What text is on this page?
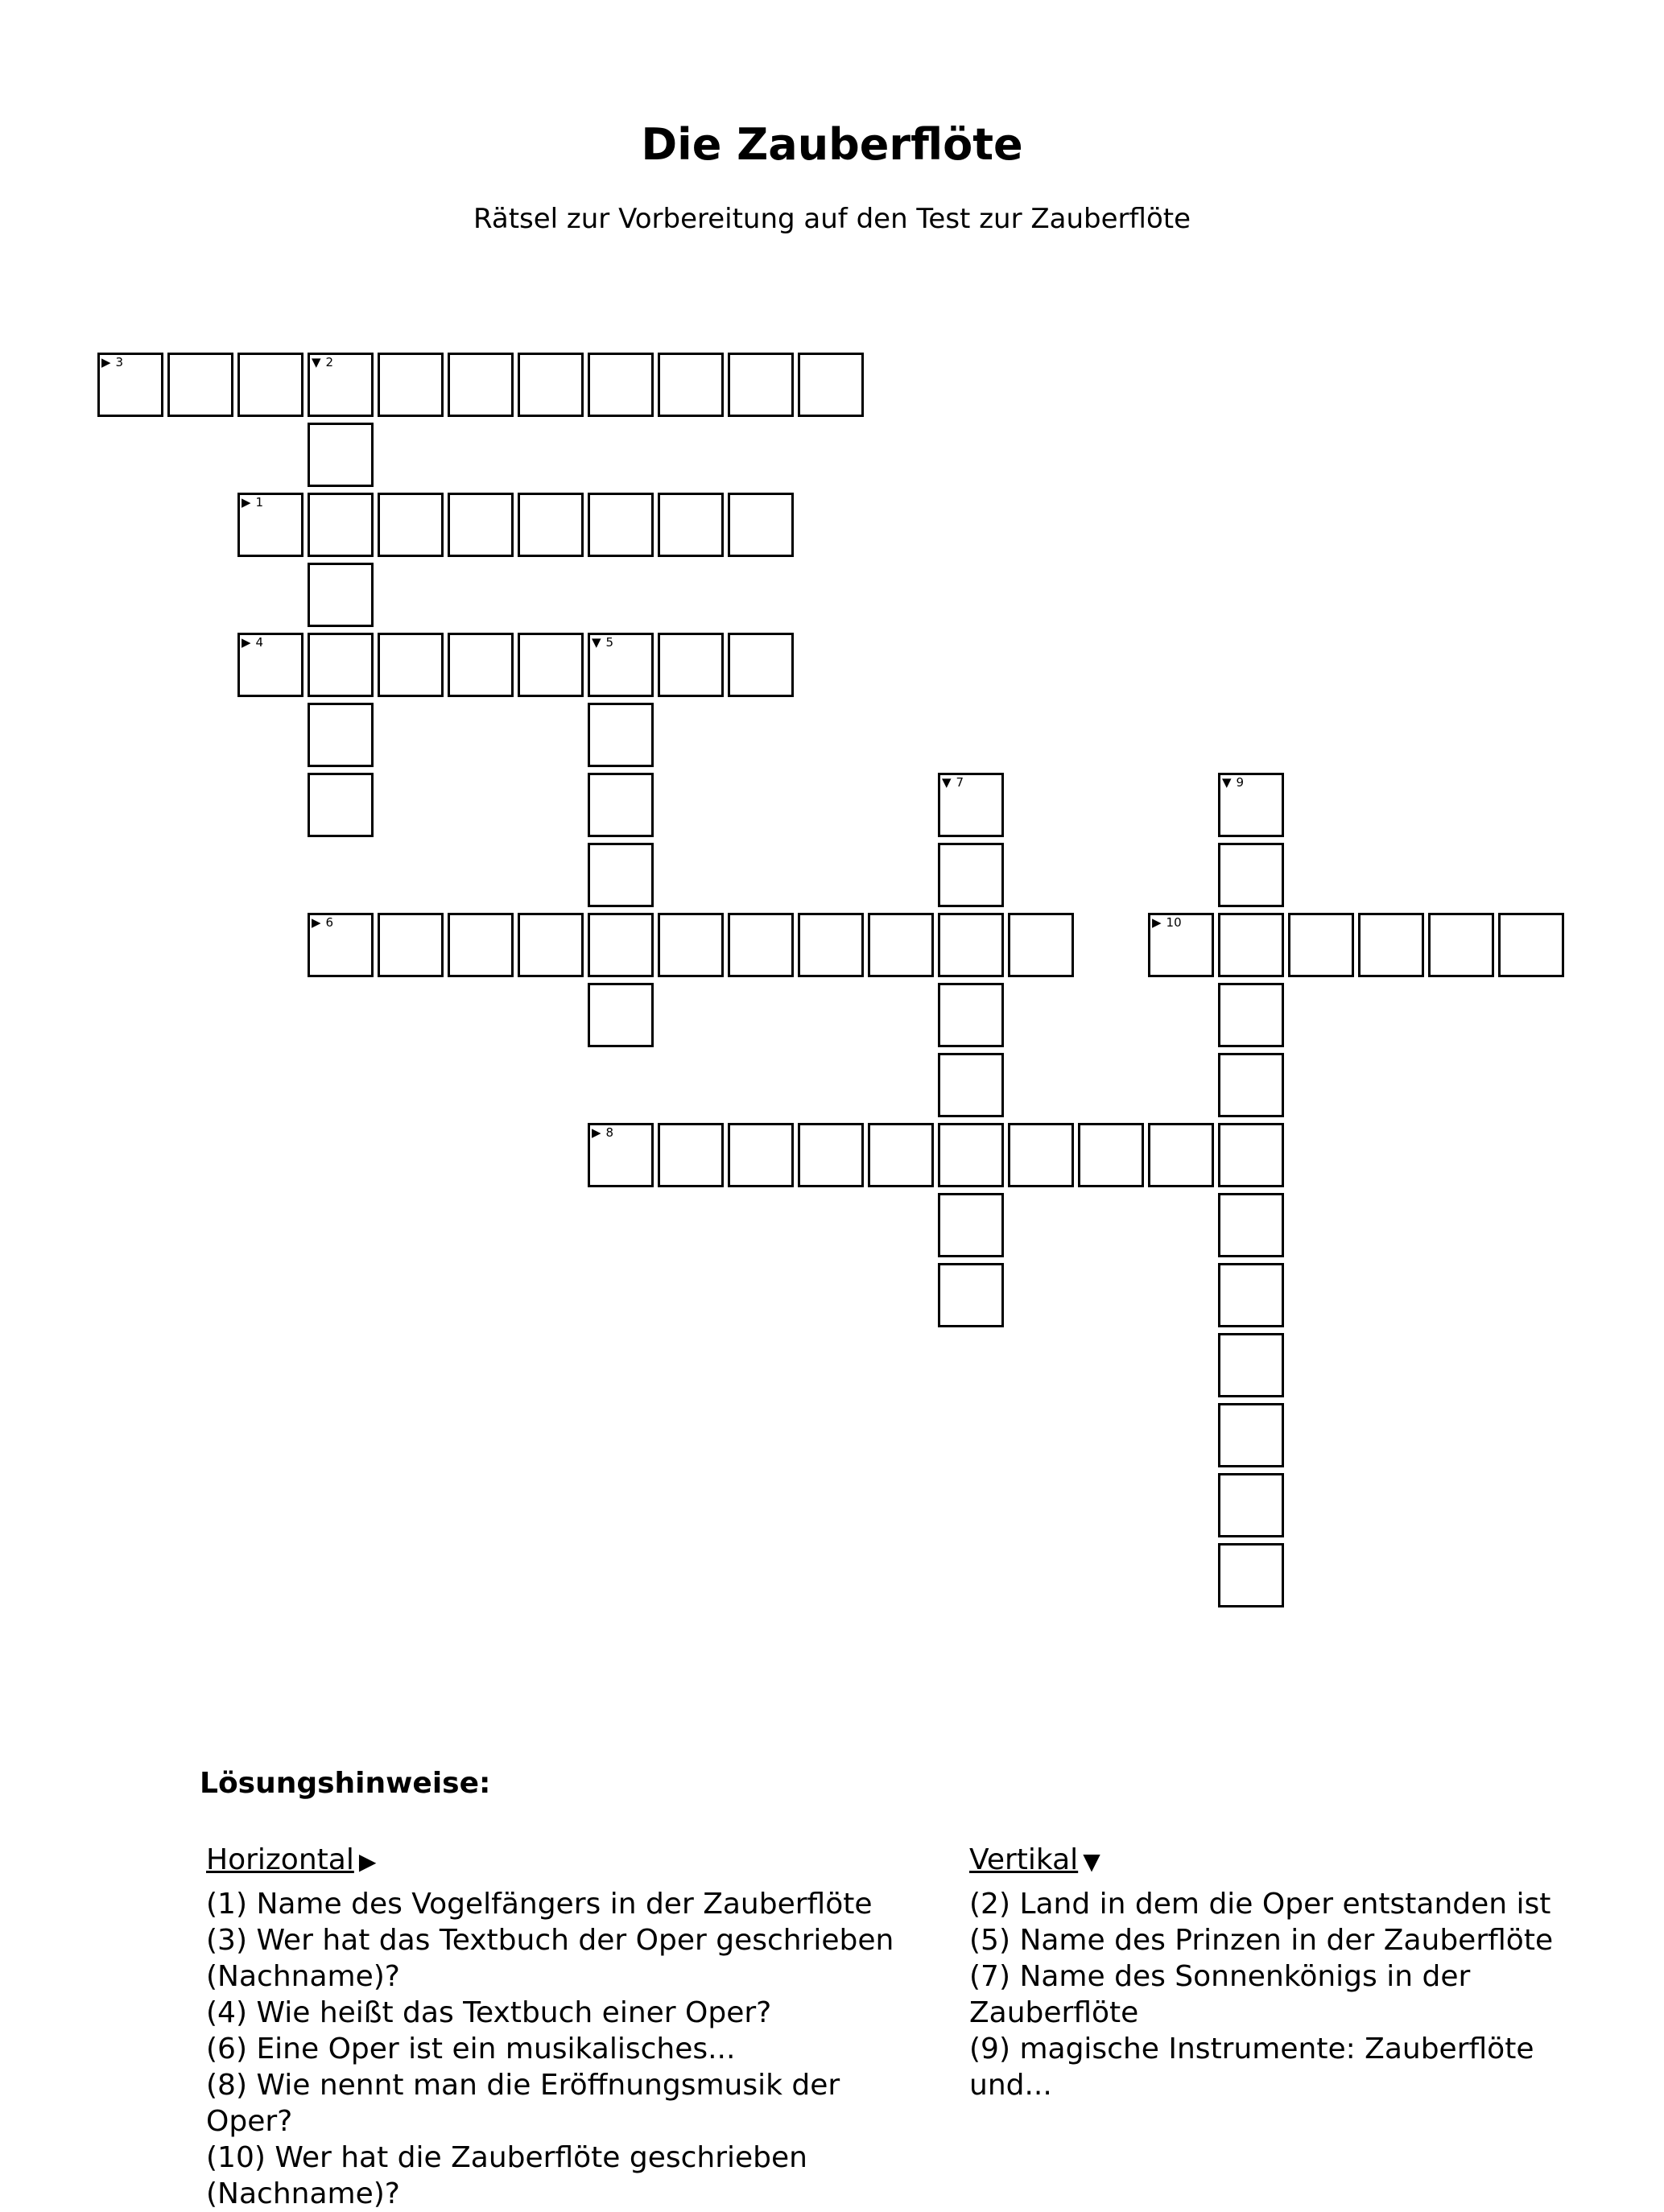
Die Zauberflöte

Rätsel zur Vorbereitung auf den Test zur Zauberflöte

▶ 1
▼ 2
▶ 3
▶ 4	▼ 5
▶ 6
▼ 7
▶ 8
▼ 9
▶ 10
Lösungshinweise:
Horizontal ▶
(1) Name des Vogelfängers in der Zauberflöte
(3) Wer hat das Textbuch der Oper geschrieben (Nachname)?
(4) Wie heißt das Textbuch einer Oper?
(6) Eine Oper ist ein musikalisches...
(8) Wie nennt man die Eröffnungsmusik der Oper?
(10) Wer hat die Zauberflöte geschrieben (Nachname)?
Vertikal ▼
(2) Land in dem die Oper entstanden ist
(5) Name des Prinzen in der Zauberflöte
(7) Name des Sonnenkönigs in der Zauberflöte
(9) magische Instrumente: Zauberflöte und...
